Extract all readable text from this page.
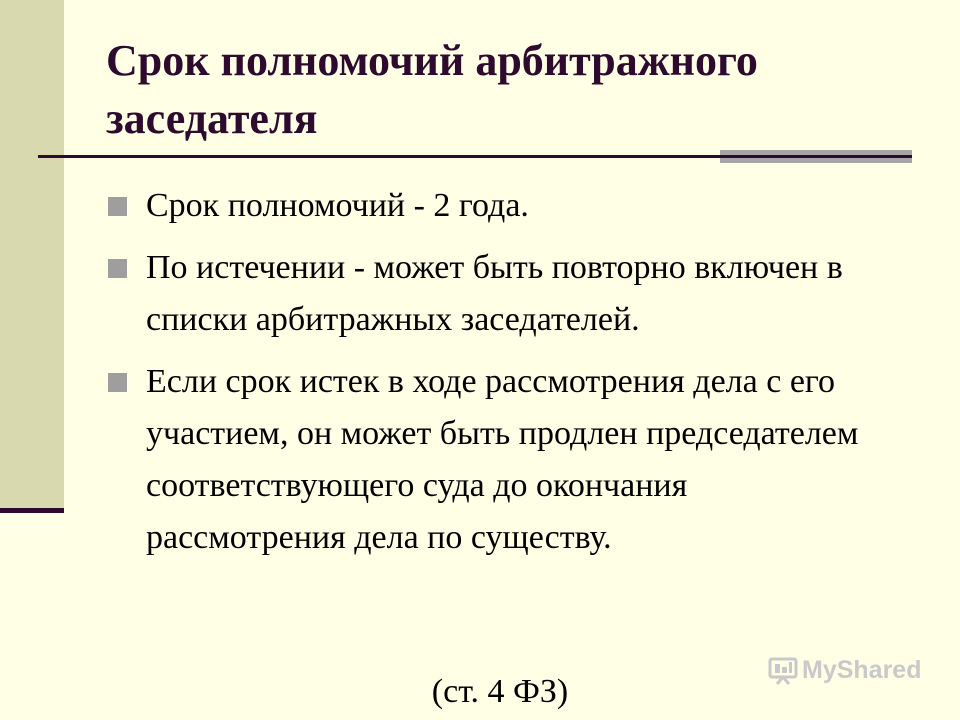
Срок полномочий арбитражного заседателя
Срок полномочий - 2 года.
По истечении - может быть повторно включен в списки арбитражных заседателей.
Если срок истек в ходе рассмотрения дела с его участием, он может быть продлен председателем соответствующего суда до окончания рассмотрения дела по существу.
(ст. 4 ФЗ)
MyShared
